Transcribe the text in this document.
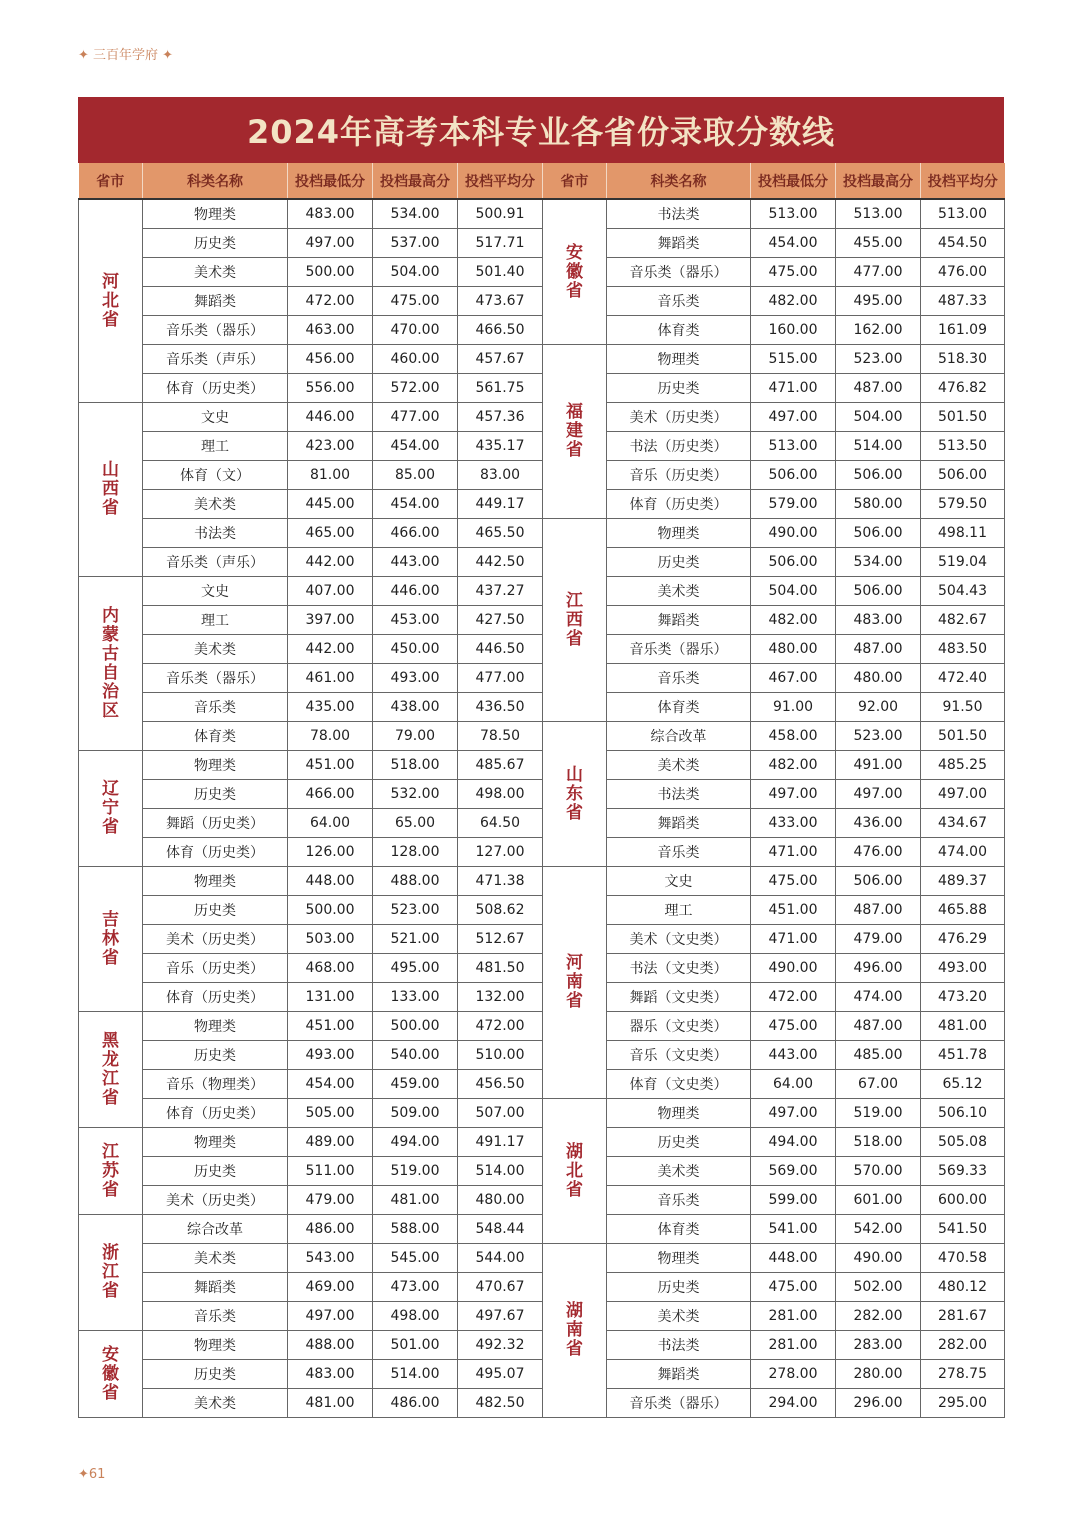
✦ 三百年学府 ✦
2024年高考本科专业各省份录取分数线
省市	科类名称	投档最低分	投档最高分	投档平均分	省市	科类名称	投档最低分	投档最高分	投档平均分
河北省	物理类	483.00	534.00	500.91	安徽省	书法类	513.00	513.00	513.00
	历史类	497.00	537.00	517.71		舞蹈类	454.00	455.00	454.50
	美术类	500.00	504.00	501.40		音乐类（器乐）	475.00	477.00	476.00
	舞蹈类	472.00	475.00	473.67		音乐类	482.00	495.00	487.33
	音乐类（器乐）	463.00	470.00	466.50		体育类	160.00	162.00	161.09
	音乐类（声乐）	456.00	460.00	457.67	福建省	物理类	515.00	523.00	518.30
	体育（历史类）	556.00	572.00	561.75		历史类	471.00	487.00	476.82
山西省	文史	446.00	477.00	457.36		美术（历史类）	497.00	504.00	501.50
	理工	423.00	454.00	435.17		书法（历史类）	513.00	514.00	513.50
	体育（文）	81.00	85.00	83.00		音乐（历史类）	506.00	506.00	506.00
	美术类	445.00	454.00	449.17		体育（历史类）	579.00	580.00	579.50
	书法类	465.00	466.00	465.50	江西省	物理类	490.00	506.00	498.11
	音乐类（声乐）	442.00	443.00	442.50		历史类	506.00	534.00	519.04
内蒙古自治区	文史	407.00	446.00	437.27		美术类	504.00	506.00	504.43
	理工	397.00	453.00	427.50		舞蹈类	482.00	483.00	482.67
	美术类	442.00	450.00	446.50		音乐类（器乐）	480.00	487.00	483.50
	音乐类（器乐）	461.00	493.00	477.00		音乐类	467.00	480.00	472.40
	音乐类	435.00	438.00	436.50		体育类	91.00	92.00	91.50
	体育类	78.00	79.00	78.50	山东省	综合改革	458.00	523.00	501.50
辽宁省	物理类	451.00	518.00	485.67		美术类	482.00	491.00	485.25
	历史类	466.00	532.00	498.00		书法类	497.00	497.00	497.00
	舞蹈（历史类）	64.00	65.00	64.50		舞蹈类	433.00	436.00	434.67
	体育（历史类）	126.00	128.00	127.00		音乐类	471.00	476.00	474.00
吉林省	物理类	448.00	488.00	471.38	河南省	文史	475.00	506.00	489.37
	历史类	500.00	523.00	508.62		理工	451.00	487.00	465.88
	美术（历史类）	503.00	521.00	512.67		美术（文史类）	471.00	479.00	476.29
	音乐（历史类）	468.00	495.00	481.50		书法（文史类）	490.00	496.00	493.00
	体育（历史类）	131.00	133.00	132.00		舞蹈（文史类）	472.00	474.00	473.20
黑龙江省	物理类	451.00	500.00	472.00		器乐（文史类）	475.00	487.00	481.00
	历史类	493.00	540.00	510.00		音乐（文史类）	443.00	485.00	451.78
	音乐（物理类）	454.00	459.00	456.50		体育（文史类）	64.00	67.00	65.12
	体育（历史类）	505.00	509.00	507.00	湖北省	物理类	497.00	519.00	506.10
江苏省	物理类	489.00	494.00	491.17		历史类	494.00	518.00	505.08
	历史类	511.00	519.00	514.00		美术类	569.00	570.00	569.33
	美术（历史类）	479.00	481.00	480.00		音乐类	599.00	601.00	600.00
浙江省	综合改革	486.00	588.00	548.44		体育类	541.00	542.00	541.50
	美术类	543.00	545.00	544.00	湖南省	物理类	448.00	490.00	470.58
	舞蹈类	469.00	473.00	470.67		历史类	475.00	502.00	480.12
	音乐类	497.00	498.00	497.67		美术类	281.00	282.00	281.67
安徽省	物理类	488.00	501.00	492.32		书法类	281.00	283.00	282.00
	历史类	483.00	514.00	495.07		舞蹈类	278.00	280.00	278.75
	美术类	481.00	486.00	482.50		音乐类（器乐）	294.00	296.00	295.00
✦61
